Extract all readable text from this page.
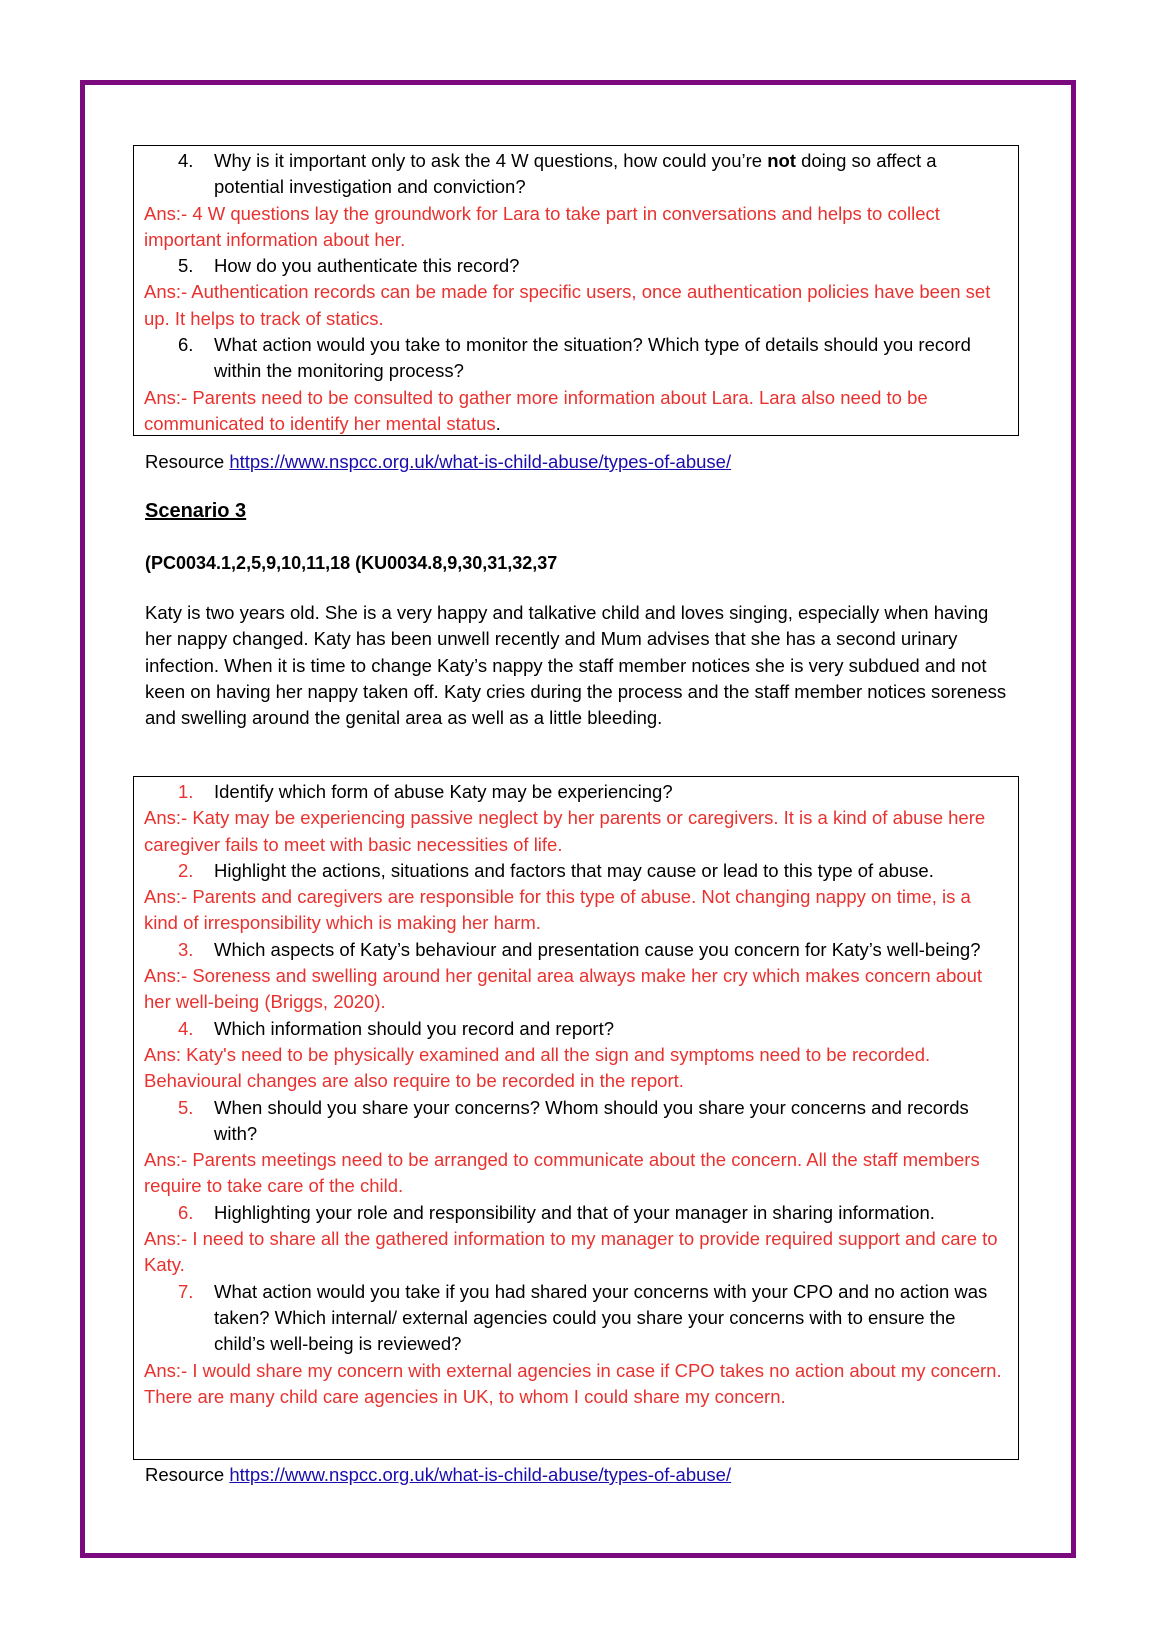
4.	Why is it important only to ask the 4 W questions, how could you’re not doing so affect a potential investigation and conviction?
Ans:- 4 W questions lay the groundwork for Lara to take part in conversations and helps to collect important information about her.
5.	How do you authenticate this record?
Ans:- Authentication records can be made for specific users, once authentication policies have been set up. It helps to track of statics.
6.	What action would you take to monitor the situation? Which type of details should you record within the monitoring process?
Ans:- Parents need to be consulted to gather more information about Lara. Lara also need to be communicated to identify her mental status.

Resource https://www.nspcc.org.uk/what-is-child-abuse/types-of-abuse/

Scenario 3

(PC0034.1,2,5,9,10,11,18 (KU0034.8,9,30,31,32,37

Katy is two years old. She is a very happy and talkative child and loves singing, especially when having her nappy changed. Katy has been unwell recently and Mum advises that she has a second urinary infection. When it is time to change Katy’s nappy the staff member notices she is very subdued and not keen on having her nappy taken off. Katy cries during the process and the staff member notices soreness and swelling around the genital area as well as a little bleeding.

1.	Identify which form of abuse Katy may be experiencing?
Ans:- Katy may be experiencing passive neglect by her parents or caregivers. It is a kind of abuse here caregiver fails to meet with basic necessities of life.
2.	Highlight the actions, situations and factors that may cause or lead to this type of abuse.
Ans:- Parents and caregivers are responsible for this type of abuse. Not changing nappy on time, is a kind of irresponsibility which is making her harm.
3.	Which aspects of Katy’s behaviour and presentation cause you concern for Katy’s well-being?
Ans:- Soreness and swelling around her genital area always make her cry which makes concern about her well-being (Briggs, 2020).
4.	Which information should you record and report?
Ans: Katy's need to be physically examined and all the sign and symptoms need to be recorded. Behavioural changes are also require to be recorded in the report.
5.	When should you share your concerns? Whom should you share your concerns and records with?
Ans:- Parents meetings need to be arranged to communicate about the concern. All the staff members require to take care of the child.
6.	Highlighting your role and responsibility and that of your manager in sharing information.
Ans:- I need to share all the gathered information to my manager to provide required support and care to Katy.
7.	What action would you take if you had shared your concerns with your CPO and no action was taken? Which internal/ external agencies could you share your concerns with to ensure the child’s well-being is reviewed?
Ans:- I would share my concern with external agencies in case if CPO takes no action about my concern. There are many child care agencies in UK, to whom I could share my concern.

Resource https://www.nspcc.org.uk/what-is-child-abuse/types-of-abuse/
